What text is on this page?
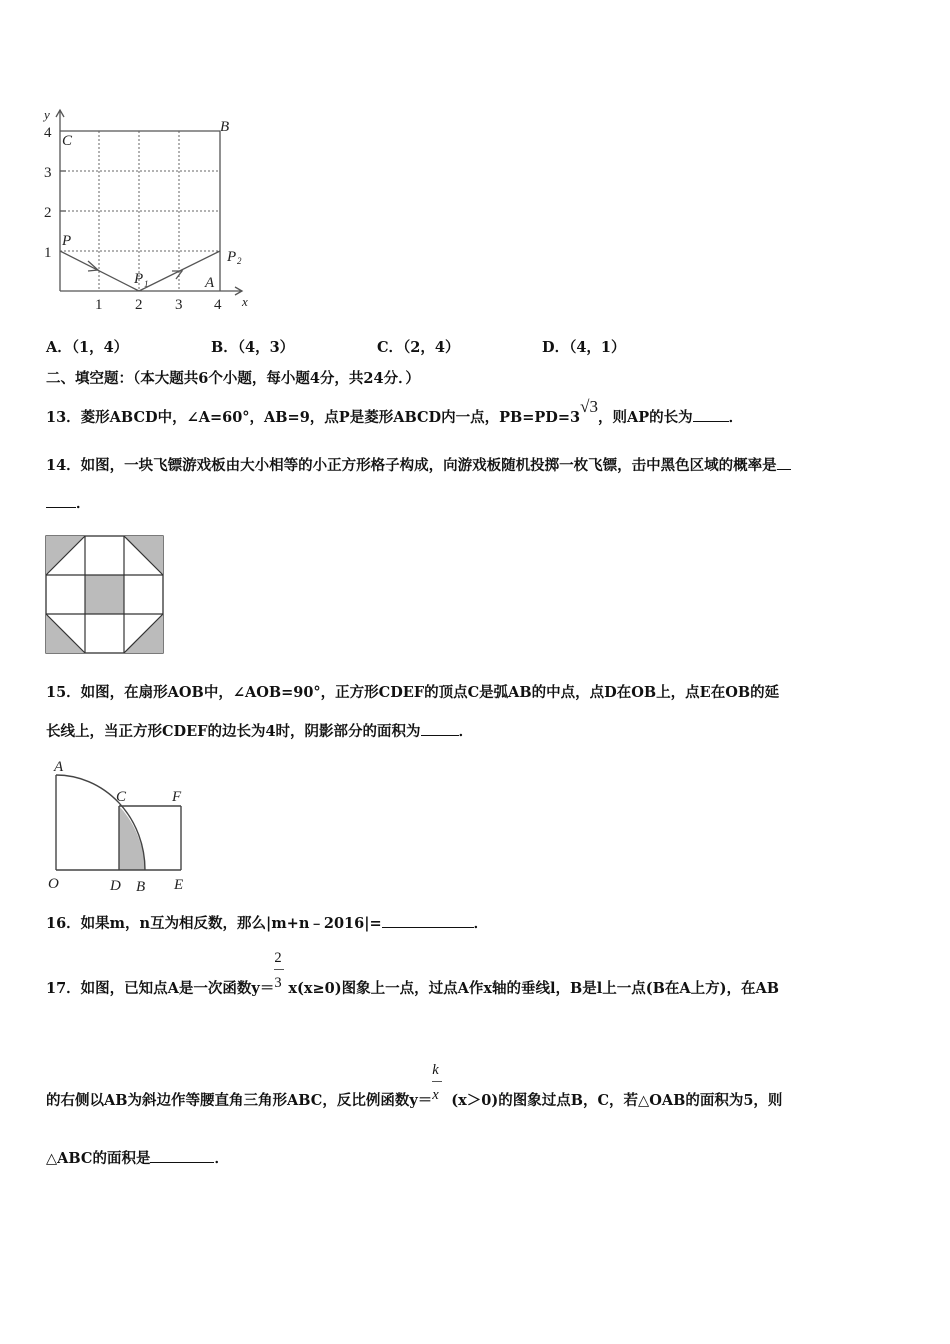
y
x
4
3
2
1
1 2 3 4
C
B
P
P 1
P 2
A
A．（1，4）	B．（4，3）	C．（2，4）	D．（4，1）
二、填空题：（本大题共6个小题，每小题4分，共24分．）
13．菱形ABCD中，∠A=60°，AB=9，点P是菱形ABCD内一点，PB=PD=3√3，则AP的长为 ．
14．如图，一块飞镖游戏板由大小相等的小正方形格子构成，向游戏板随机投掷一枚飞镖，击中黑色区域的概率是
．
15．如图，在扇形AOB中，∠AOB=90°，正方形CDEF的顶点C是弧AB的中点，点D在OB上，点E在OB的延
长线上，当正方形CDEF的边长为4时，阴影部分的面积为	．
A
C	F
O	D B E
16．如果m，n互为相反数，那么|m+n﹣2016|=	．
17．如图，已知点A是一次函数$y= \frac{2}{3} x(x\ge 0)$图象上一点，过点A作x轴的垂线l，B是l上一点(B在A上方)，在AB
的右侧以AB为斜边作等腰直角三角形ABC，反比例函数$y= \frac{k}{x} (x>0)$的图象过点B，C，若△OAB的面积为5，则
△ABC的面积是	．
